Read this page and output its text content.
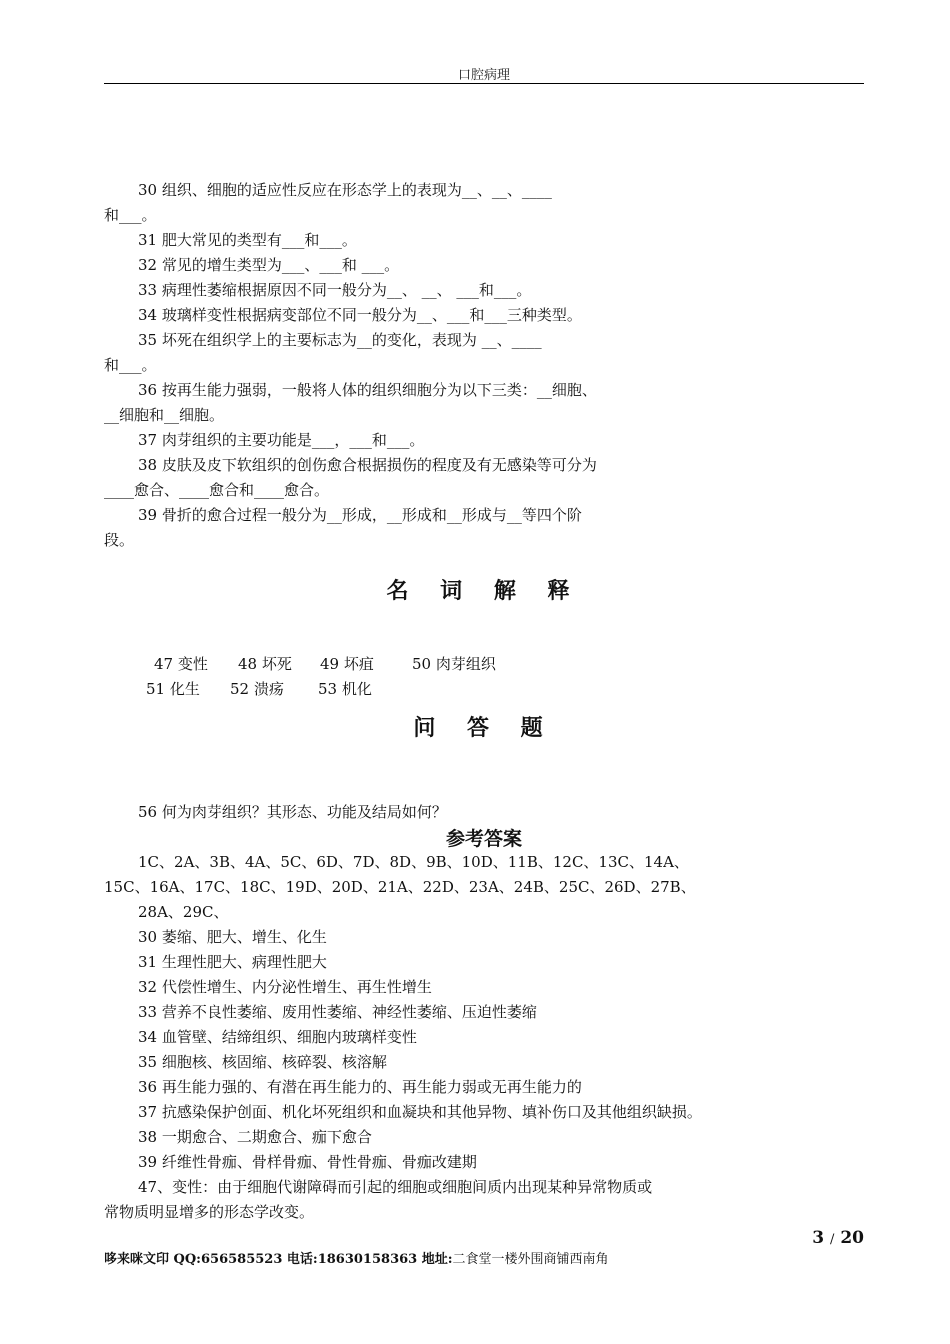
口腔病理
30 组织、细胞的适应性反应在形态学上的表现为__、__、____
和___。
31 肥大常见的类型有___和___。
32 常见的增生类型为___、___和 ___。
33 病理性萎缩根据原因不同一般分为__、 __、 ___和___。
34 玻璃样变性根据病变部位不同一般分为__、___和___三种类型。
35 坏死在组织学上的主要标志为__的变化，表现为 __、____
和___。
36 按再生能力强弱，一般将人体的组织细胞分为以下三类：__细胞、
__细胞和__细胞。
37 肉芽组织的主要功能是___，___和___。
38 皮肤及皮下软组织的创伤愈合根据损伤的程度及有无感染等可分为
____愈合、____愈合和____愈合。
39 骨折的愈合过程一般分为__形成，__形成和__形成与__等四个阶
段。
名 词 解 释
47 变性 48 坏死 49 坏疽	50 肉芽组织
51 化生 52 溃疡 53 机化
问 答 题
56 何为肉芽组织？其形态、功能及结局如何？
参考答案
1C、2A、3B、4A、5C、6D、7D、8D、9B、10D、11B、12C、13C、14A、
15C、16A、17C、18C、19D、20D、21A、22D、23A、24B、25C、26D、27B、
28A、29C、
30 萎缩、肥大、增生、化生
31 生理性肥大、病理性肥大
32 代偿性增生、内分泌性增生、再生性增生
33 营养不良性萎缩、废用性萎缩、神经性萎缩、压迫性萎缩
34 血管壁、结缔组织、细胞内玻璃样变性
35 细胞核、核固缩、核碎裂、核溶解
36 再生能力强的、有潜在再生能力的、再生能力弱或无再生能力的
37 抗感染保护创面、机化坏死组织和血凝块和其他异物、填补伤口及其他组织缺损。
38 一期愈合、二期愈合、痂下愈合
39 纤维性骨痂、骨样骨痂、骨性骨痂、骨痂改建期
47、变性：由于细胞代谢障碍而引起的细胞或细胞间质内出现某种异常物质或
常物质明显增多的形态学改变。
3 / 20
哆来咪文印 QQ:656585523 电话:18630158363 地址:二食堂一楼外围商铺西南角
